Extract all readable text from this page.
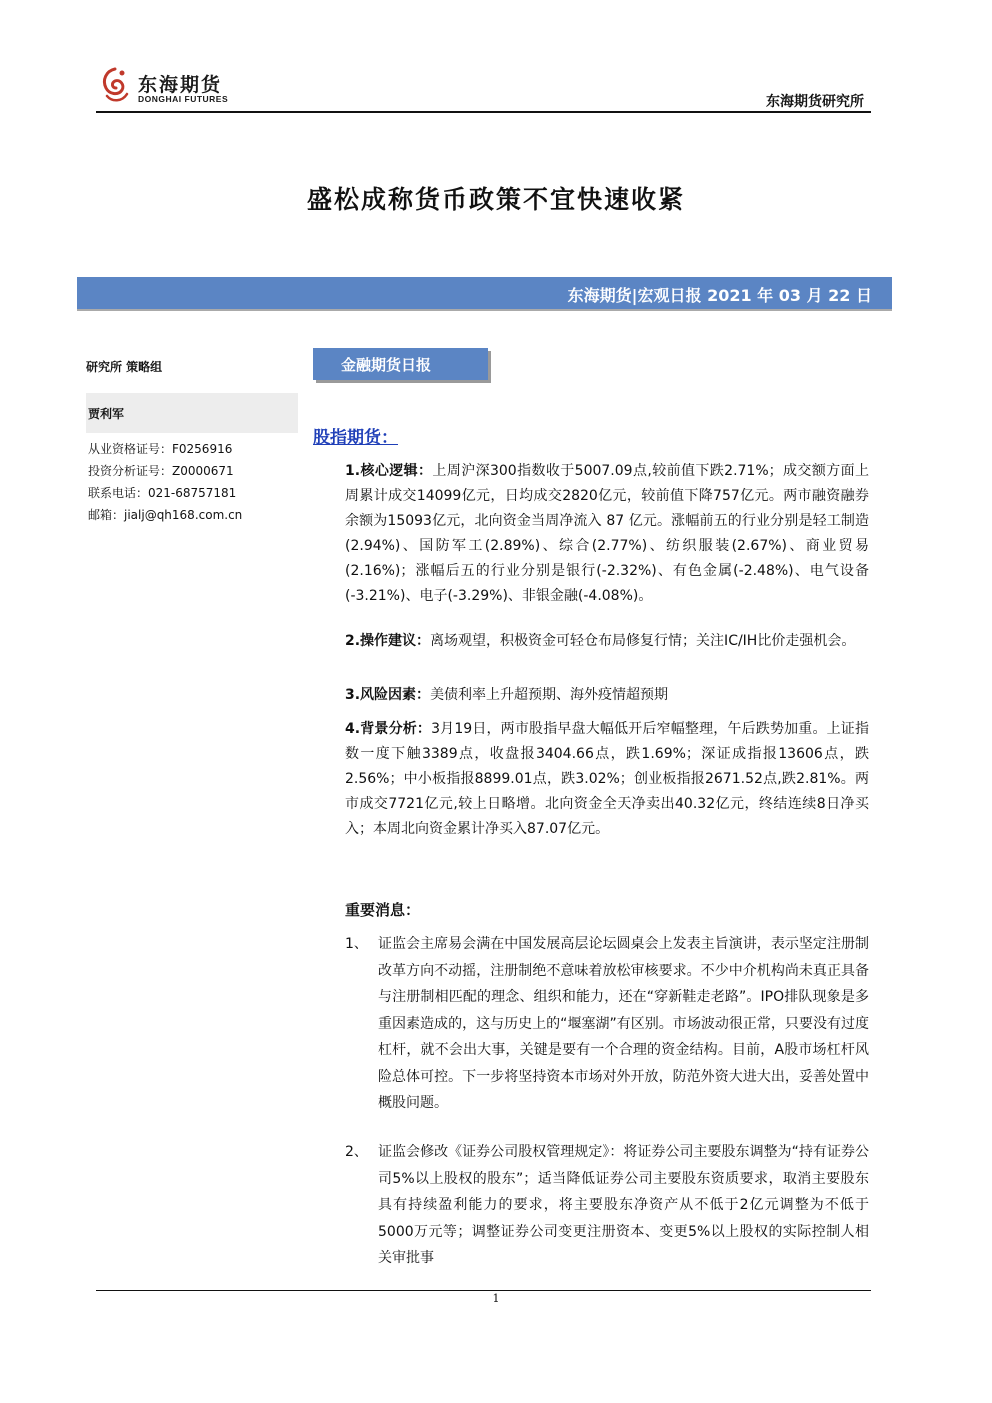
东海期货
DONGHAI FUTURES	东海期货研究所
盛松成称货币政策不宜快速收紧
东海期货|宏观日报 2021 年 03 月 22 日
研究所 策略组
贾利军
从业资格证号：F0256916
投资分析证号：Z0000671
联系电话：021-68757181
邮箱：jialj@qh168.com.cn
金融期货日报
股指期货：
1.核心逻辑：上周沪深300指数收于5007.09点,较前值下跌2.71%；成交额方面上周累计成交14099亿元，日均成交2820亿元，较前值下降757亿元。两市融资融券余额为15093亿元，北向资金当周净流入 87 亿元。涨幅前五的行业分别是轻工制造(2.94%)、国防军工(2.89%)、综合(2.77%)、纺织服装(2.67%)、商业贸易(2.16%)；涨幅后五的行业分别是银行(-2.32%)、有色金属(-2.48%)、电气设备(-3.21%)、电子(-3.29%)、非银金融(-4.08%)。
2.操作建议：离场观望，积极资金可轻仓布局修复行情；关注IC/IH比价走强机会。
3.风险因素：美债利率上升超预期、海外疫情超预期
4.背景分析：3月19日，两市股指早盘大幅低开后窄幅整理，午后跌势加重。上证指数一度下触3389点，收盘报3404.66点，跌1.69%；深证成指报13606点，跌2.56%；中小板指报8899.01点，跌3.02%；创业板指报2671.52点,跌2.81%。两市成交7721亿元,较上日略增。北向资金全天净卖出40.32亿元，终结连续8日净买入；本周北向资金累计净买入87.07亿元。
重要消息：
1、 证监会主席易会满在中国发展高层论坛圆桌会上发表主旨演讲，表示坚定注册制改革方向不动摇，注册制绝不意味着放松审核要求。不少中介机构尚未真正具备与注册制相匹配的理念、组织和能力，还在“穿新鞋走老路”。IPO排队现象是多重因素造成的，这与历史上的“堰塞湖”有区别。市场波动很正常，只要没有过度杠杆，就不会出大事，关键是要有一个合理的资金结构。目前，A股市场杠杆风险总体可控。下一步将坚持资本市场对外开放，防范外资大进大出，妥善处置中概股问题。
2、 证监会修改《证券公司股权管理规定》：将证券公司主要股东调整为“持有证券公司5%以上股权的股东”；适当降低证券公司主要股东资质要求，取消主要股东具有持续盈利能力的要求，将主要股东净资产从不低于2亿元调整为不低于5000万元等；调整证券公司变更注册资本、变更5%以上股权的实际控制人相关审批事
1
